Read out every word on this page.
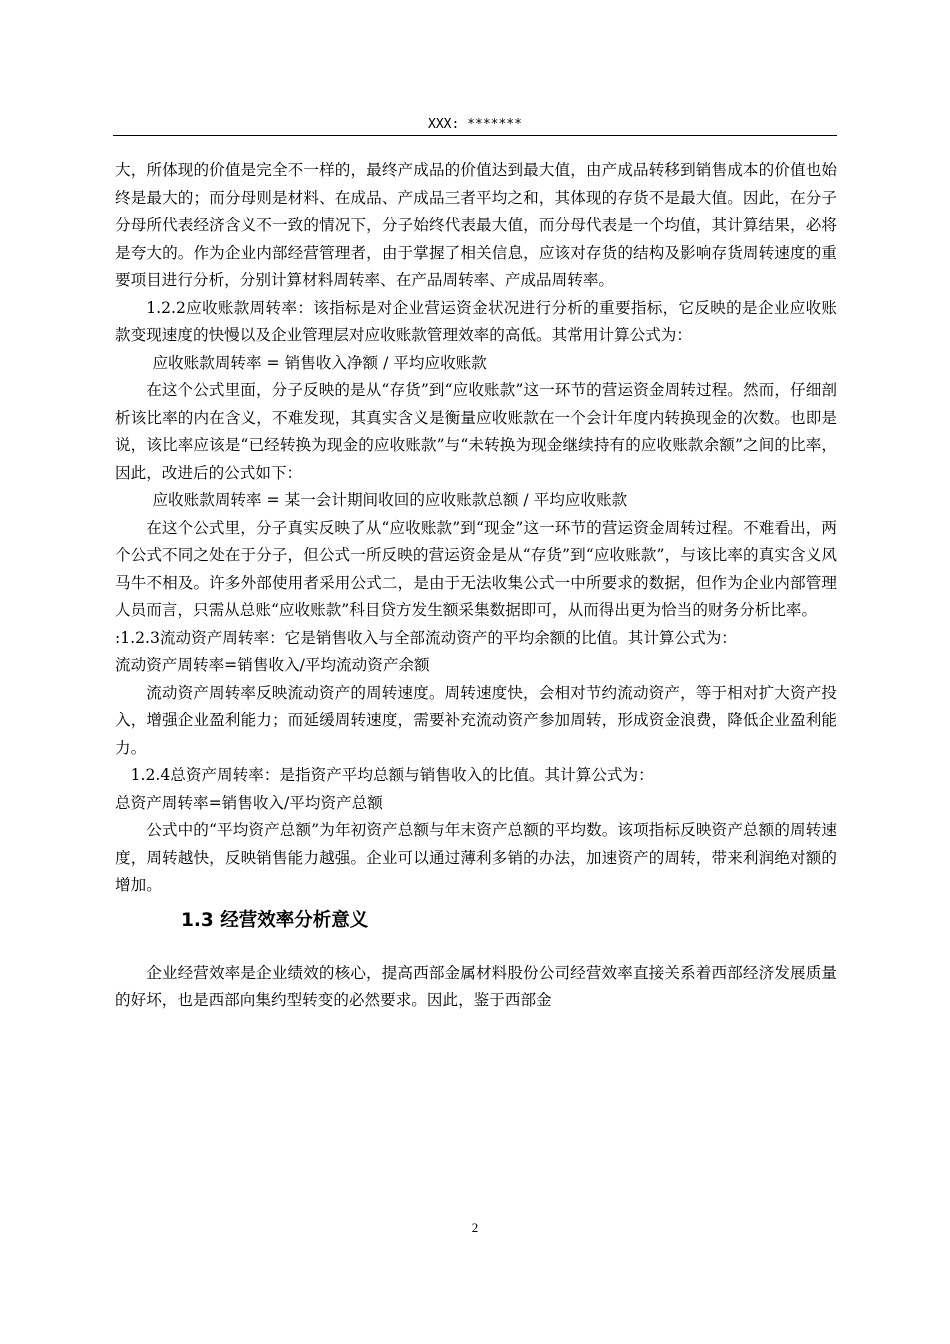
XXX: *******

大，所体现的价值是完全不一样的，最终产成品的价值达到最大值，由产成品转移到销售成本的价值也始终是最大的；而分母则是材料、在成品、产成品三者平均之和，其体现的存货不是最大值。因此，在分子分母所代表经济含义不一致的情况下，分子始终代表最大值，而分母代表是一个均值，其计算结果，必将是夸大的。作为企业内部经营管理者，由于掌握了相关信息，应该对存货的结构及影响存货周转速度的重要项目进行分析，分别计算材料周转率、在产品周转率、产成品周转率。

1.2.2应收账款周转率：该指标是对企业营运资金状况进行分析的重要指标，它反映的是企业应收账款变现速度的快慢以及企业管理层对应收账款管理效率的高低。其常用计算公式为：

应收账款周转率 = 销售收入净额 / 平均应收账款

在这个公式里面，分子反映的是从“存货”到“应收账款”这一环节的营运资金周转过程。然而，仔细剖析该比率的内在含义，不难发现，其真实含义是衡量应收账款在一个会计年度内转换现金的次数。也即是说，该比率应该是“已经转换为现金的应收账款”与“未转换为现金继续持有的应收账款余额”之间的比率，因此，改进后的公式如下：

应收账款周转率 = 某一会计期间收回的应收账款总额 / 平均应收账款

在这个公式里，分子真实反映了从“应收账款”到“现金”这一环节的营运资金周转过程。不难看出，两个公式不同之处在于分子，但公式一所反映的营运资金是从“存货”到“应收账款”，与该比率的真实含义风马牛不相及。许多外部使用者采用公式二，是由于无法收集公式一中所要求的数据，但作为企业内部管理人员而言，只需从总账“应收账款”科目贷方发生额采集数据即可，从而得出更为恰当的财务分析比率。

:1.2.3流动资产周转率：它是销售收入与全部流动资产的平均余额的比值。其计算公式为：

流动资产周转率=销售收入/平均流动资产余额

流动资产周转率反映流动资产的周转速度。周转速度快，会相对节约流动资产，等于相对扩大资产投入，增强企业盈利能力；而延缓周转速度，需要补充流动资产参加周转，形成资金浪费，降低企业盈利能力。

1.2.4总资产周转率：是指资产平均总额与销售收入的比值。其计算公式为：

总资产周转率=销售收入/平均资产总额

公式中的“平均资产总额”为年初资产总额与年末资产总额的平均数。该项指标反映资产总额的周转速度，周转越快，反映销售能力越强。企业可以通过薄利多销的办法，加速资产的周转，带来利润绝对额的增加。

1.3 经营效率分析意义

企业经营效率是企业绩效的核心，提高西部金属材料股份公司经营效率直接关系着西部经济发展质量的好坏，也是西部向集约型转变的必然要求。因此，鉴于西部金

2
